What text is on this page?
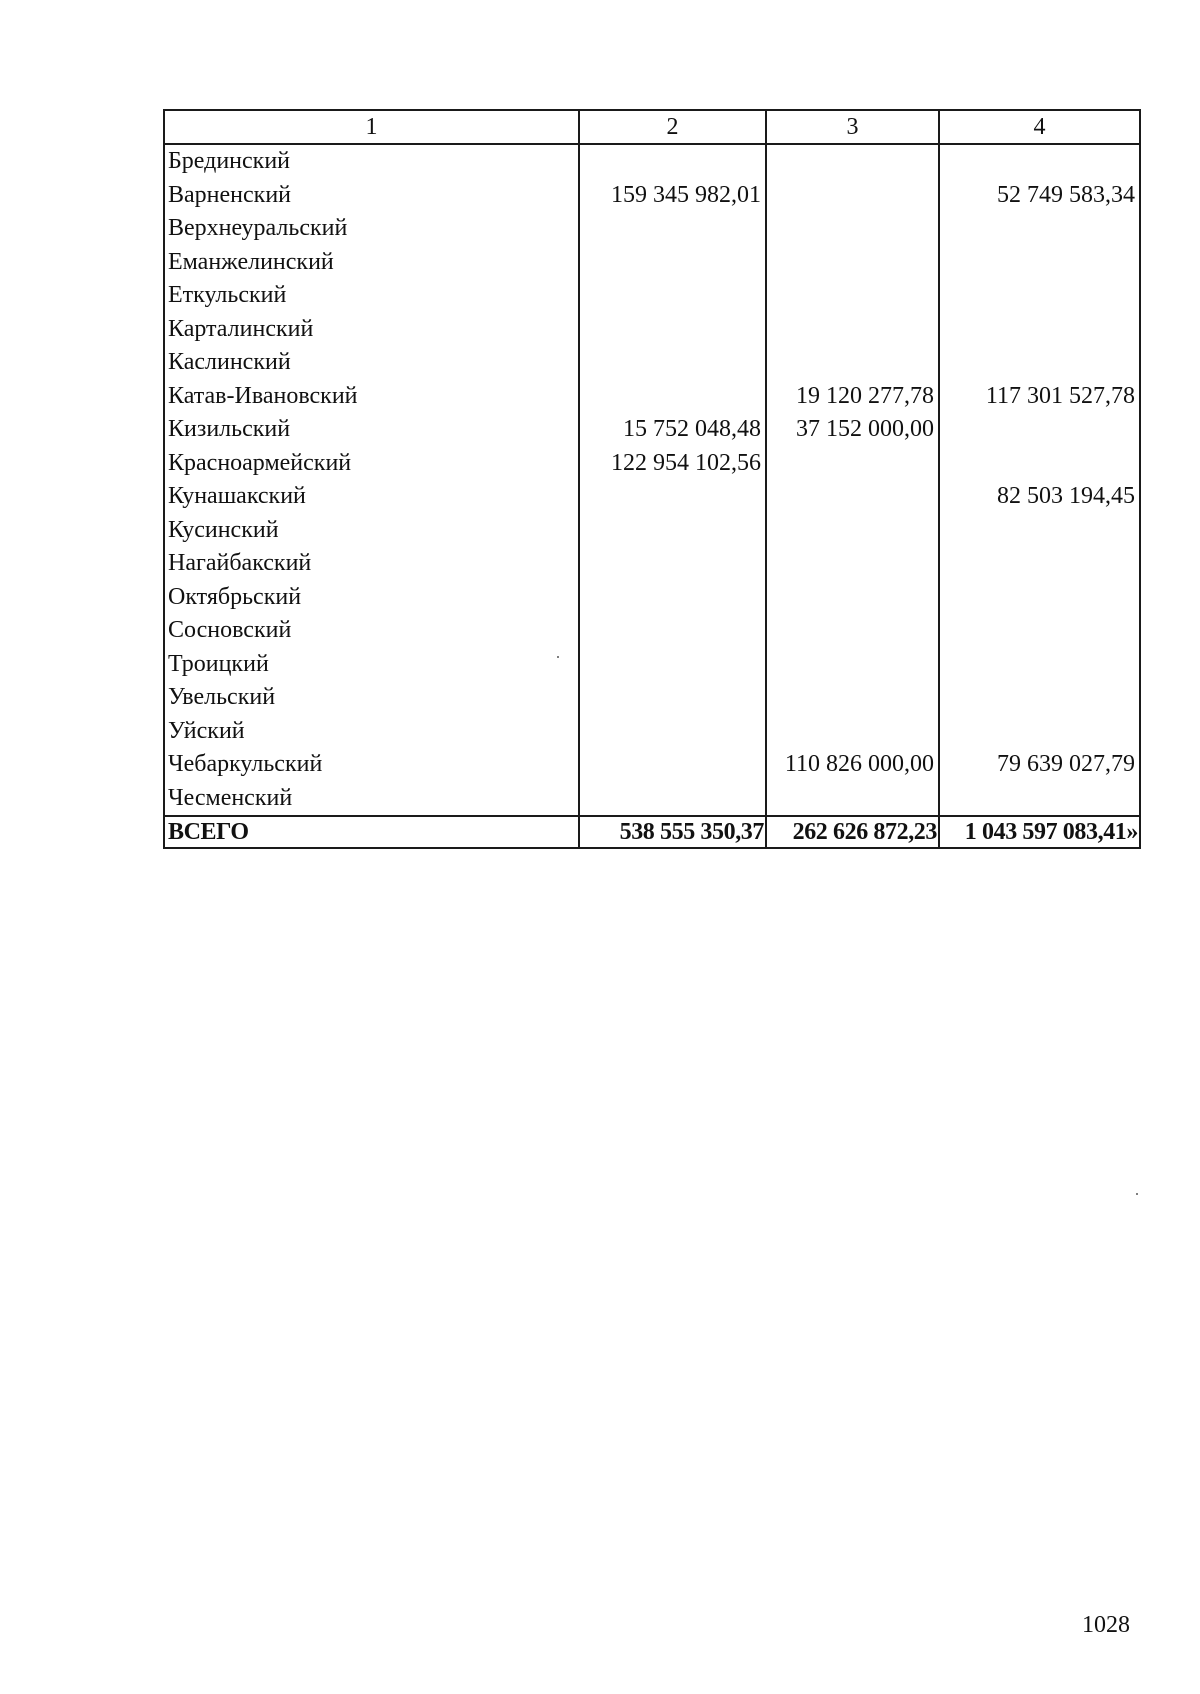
1	2	3	4
Брединский			
Варненский	159 345 982,01		52 749 583,34
Верхнеуральский			
Еманжелинский			
Еткульский			
Карталинский			
Каслинский			
Катав-Ивановский		19 120 277,78	117 301 527,78
Кизильский	15 752 048,48	37 152 000,00	
Красноармейский	122 954 102,56		
Кунашакский			82 503 194,45
Кусинский			
Нагайбакский			
Октябрьский			
Сосновский			
Троицкий			
Увельский			
Уйский			
Чебаркульский		110 826 000,00	79 639 027,79
Чесменский			
ВСЕГО	538 555 350,37	262 626 872,23	1 043 597 083,41»
1028
